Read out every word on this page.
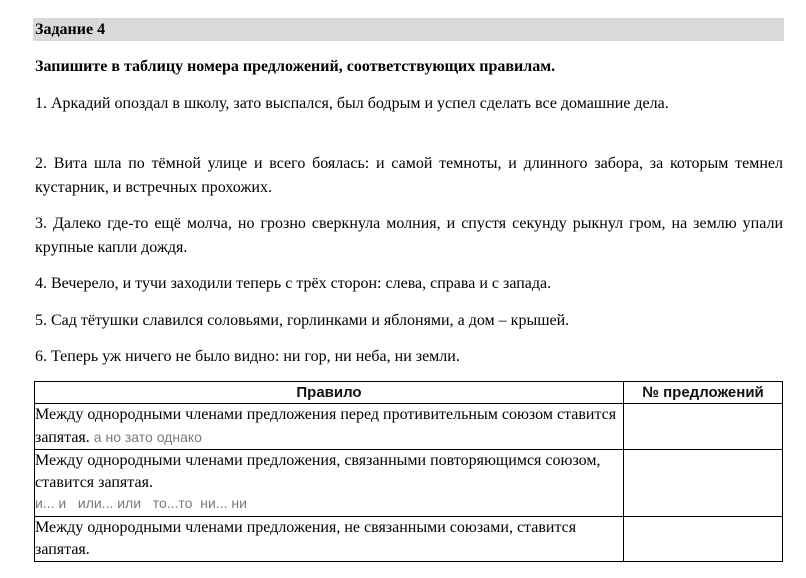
Задание 4
Запишите в таблицу номера предложений, соответствующих правилам.
1. Аркадий опоздал в школу, зато выспался, был бодрым и успел сделать все домашние дела.
2. Вита шла по тёмной улице и всего боялась: и самой темноты, и длинного забора, за которым темнел кустарник, и встречных прохожих.
3. Далеко где-то ещё молча, но грозно сверкнула молния, и спустя секунду рыкнул гром, на землю упали крупные капли дождя.
4. Вечерело, и тучи заходили теперь с трёх сторон: слева, справа и с запада.
5. Сад тётушки славился соловьями, горлинками и яблонями, а дом – крышей.
6. Теперь уж ничего не было видно: ни гор, ни неба, ни земли.
Правило	№ предложений
Между однородными членами предложения перед противительным союзом ставится запятая. а но зато однако	
Между однородными членами предложения, связанными повторяющимся союзом, ставится запятая.
и... и   или... или   то...то  ни... ни	

Между однородными членами предложения, не связанными союзами, ставится запятая.	
